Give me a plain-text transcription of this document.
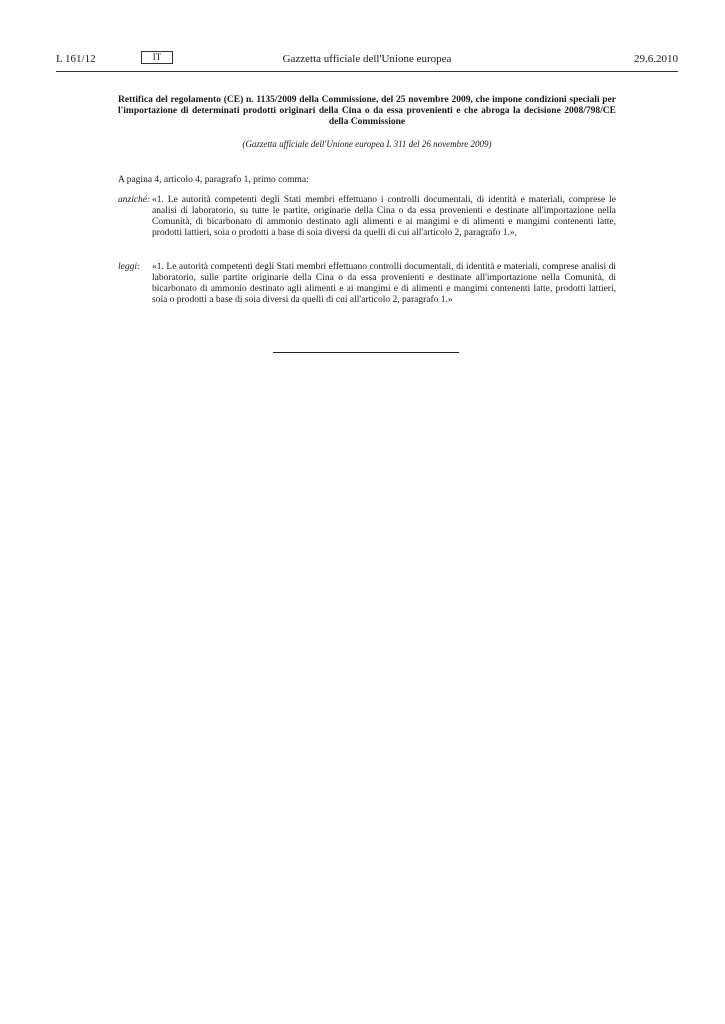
L 161/12	IT	Gazzetta ufficiale dell'Unione europea	29.6.2010

Rettifica del regolamento (CE) n. 1135/2009 della Commissione, del 25 novembre 2009, che impone condizioni speciali per l'importazione di determinati prodotti originari della Cina o da essa provenienti e che abroga la decisione 2008/798/CE della Commissione

(Gazzetta ufficiale dell'Unione europea L 311 del 26 novembre 2009)

A pagina 4, articolo 4, paragrafo 1, primo comma:

anziché: «1. Le autorità competenti degli Stati membri effettuano i controlli documentali, di identità e materiali, comprese le analisi di laboratorio, su tutte le partite, originarie della Cina o da essa provenienti e destinate all'importazione nella Comunità, di bicarbonato di ammonio destinato agli alimenti e ai mangimi e di alimenti e mangimi contenenti latte, prodotti lattieri, soia o prodotti a base di soia diversi da quelli di cui all'articolo 2, paragrafo 1.»,
leggi: «1. Le autorità competenti degli Stati membri effettuano controlli documentali, di identità e materiali, comprese analisi di laboratorio, sulle partite originarie della Cina o da essa provenienti e destinate all'importazione nella Comunità, di bicarbonato di ammonio destinato agli alimenti e ai mangimi e di alimenti e mangimi contenenti latte, prodotti lattieri, soia o prodotti a base di soia diversi da quelli di cui all'articolo 2, paragrafo 1.»
